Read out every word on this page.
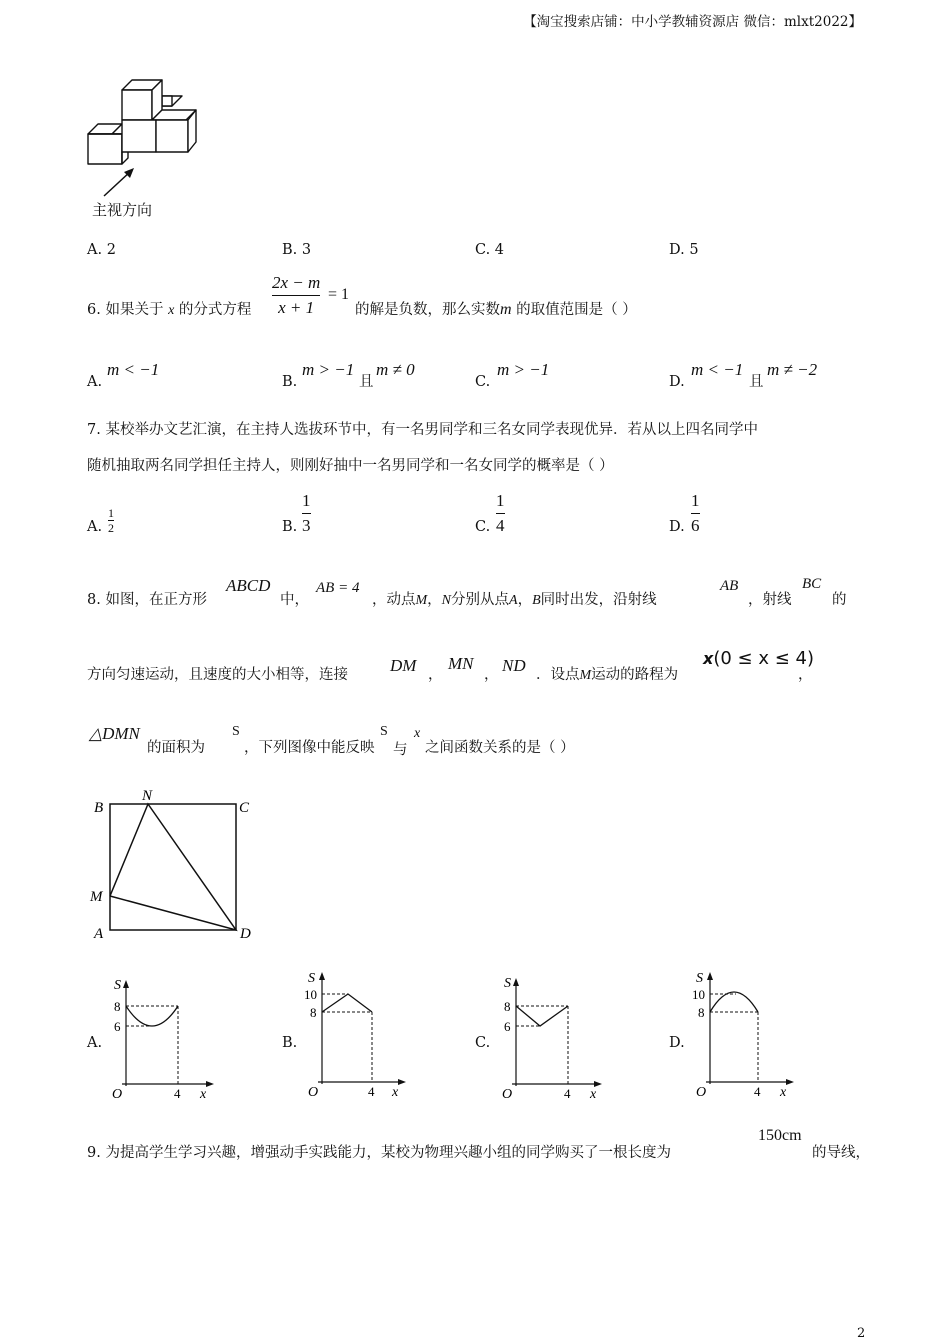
【淘宝搜索店铺：中小学教辅资源店 微信：mlxt2022】
主视方向
A. 2	B. 3	C. 4	D. 5
6. 如果关于 x 的分式方程
2x − m
x + 1
= 1
的解是负数，那么实数m 的取值范围是（ ）
A.
m < −1
B.
m > −1
且
m ≠ 0
C.
m > −1
D.
m < −1
且
m ≠ −2
7. 某校举办文艺汇演，在主持人选拔环节中，有一名男同学和三名女同学表现优异．若从以上四名同学中
随机抽取两名同学担任主持人，则刚好抽中一名男同学和一名女同学的概率是（ ）
A.
1
2	B.
1
3	C.
1
4	D.
1
6
8. 如图，在正方形
ABCD
中，
AB = 4
，动点M，N分别从点A，B同时出发，沿射线
AB
，射线
BC
的
方向匀速运动，且速度的大小相等，连接 DM ，
MN
， ND ．设点M运动的路程为
x(0 ≤ x ≤ 4)
，
△DMN
的面积为
S
，下列图像中能反映
S
与
x
之间函数关系的是（ ）
B
N
C
M
A	D
A.
S
x
O	4
8
6
B.
S
x
O	4
10
8
C.
S
x
O	4
8
6
D.
S
x
O	4
10
8
9. 为提高学生学习兴趣，增强动手实践能力，某校为物理兴趣小组的同学购买了一根长度为
150cm
的导线，
2
